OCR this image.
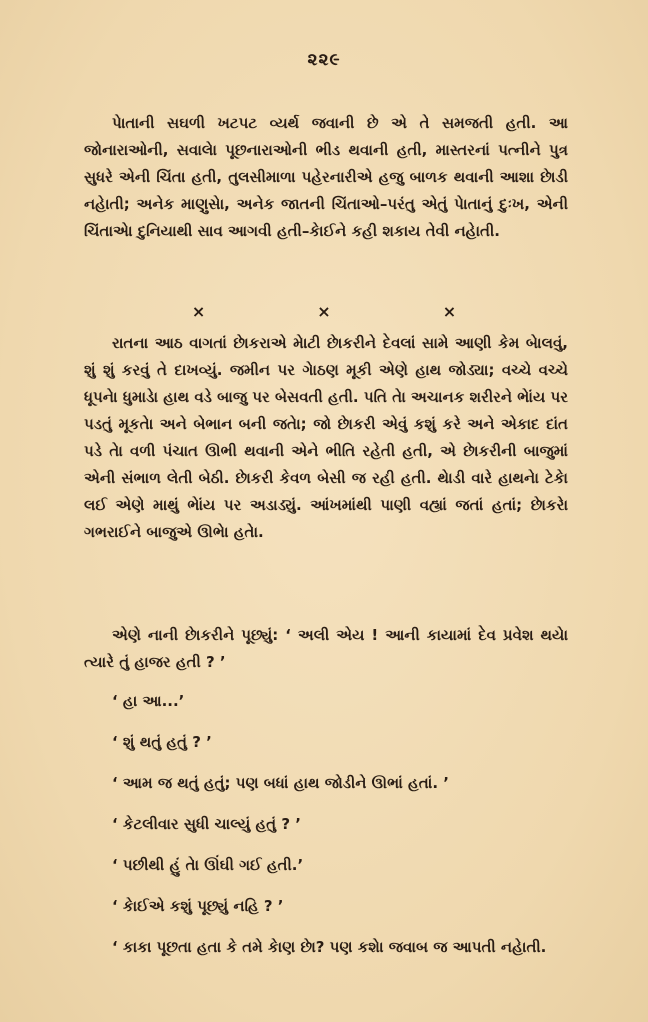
૨૨૯

પેાતાની સઘળી ખટપટ વ્યર્થ જવાની છે એ તે સમજતી હતી. આ જોનારાઓની, સવાલેા પૂછનારાઓની ભીડ થવાની હતી, માસ્તરનાં પત્નીને પુત્ર સુધરે એની ચિંતા હતી, તુલસીમાળા પહેરનારીએ હજુ બાળક થવાની આશા છેાડી નહેાતી; અનેક માણુસેા, અનેક જાતની ચિંતાઓ–પરંતુ એતું પેાતાનું દુઃખ, એની ચિંતાએા દુનિયાથી સાવ આગવી હતી–કેાઈને કહી શકાય તેવી નહેાતી.

×	×	×

રાતના આઠ વાગતાં છેાકરાએ મેાટી છેાકરીને દેવલાં સામે આણી કેમ બેાલવું, શું શું કરવું તે દાખવ્યું. જમીન પર ગેાઠણ મૂકી એણે હાથ જોડ્યા; વચ્ચે વચ્ચે ધૂપનેા ધુમાડેા હાથ વડે બાજુ પર બેસવતી હતી. પતિ તેા અચાનક શરીરને ભેાંય પર પડતું મૂકતેા અને બેભાન બની જતેા; જો છેાકરી એવું કશું કરે અને એકાદ દાંત પડે તેા વળી પંચાત ઊભી થવાની એને ભીતિ રહેતી હતી, એ છેાકરીની બાજુમાં એની સંભાળ લેતી બેઠી. છેાકરી કેવળ બેસી જ રહી હતી. થેાડી વારે હાથનેા ટેકેા લઈ એણે માથું ભેાંય પર અડાડ્યું. આંખમાંથી પાણી વહ્યાં જતાં હતાં; છેાકરેા ગભરાઈને બાજુએ ઊભેા હતેા.

એણે નાની છેાકરીને પૂછ્યું: ‘ અલી એય ! આની કાયામાં દેવ પ્રવેશ થયેા ત્યારે તું હાજર હતી ? ’

‘ હા આ...’

‘ શું થતું હતું ? ’

‘ આમ જ થતું હતું; પણ બધાં હાથ જોડીને ઊભાં હતાં. ’

‘ કેટલીવાર સુધી ચાલ્યું હતું ? ’

‘ પછીથી હું તેા ઊંઘી ગઈ હતી.’

‘ કેાઈએ કશું પૂછ્યું નહિ ? ’

‘ કાકા પૂછતા હતા કે તમે કેાણ છેા? પણ કશેા જવાબ જ આપતી નહેાતી.
